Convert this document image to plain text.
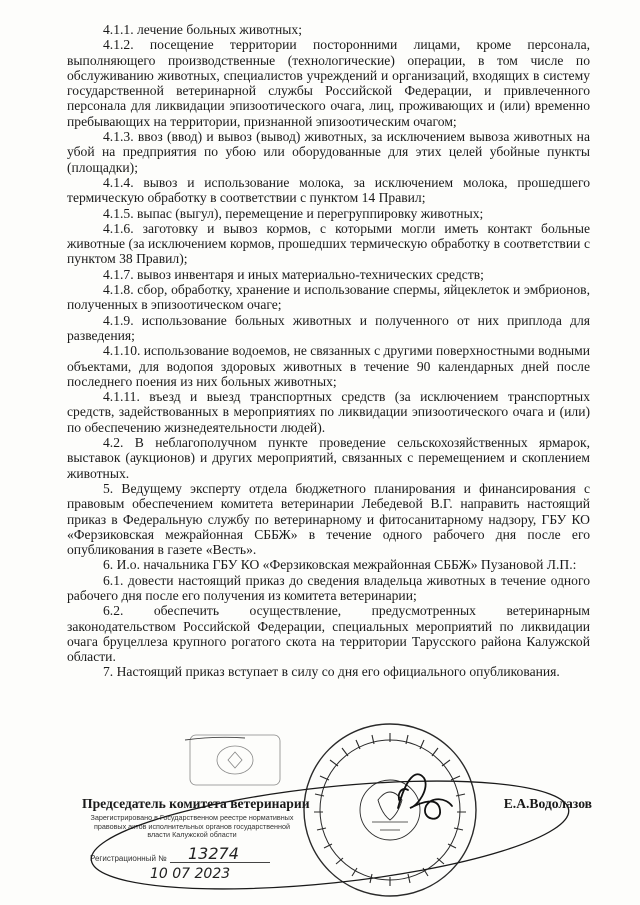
4.1.1. лечение больных животных;

4.1.2. посещение территории посторонними лицами, кроме персонала, выполняющего производственные (технологические) операции, в том числе по обслуживанию животных, специалистов учреждений и организаций, входящих в систему государственной ветеринарной службы Российской Федерации, и привлеченного персонала для ликвидации эпизоотического очага, лиц, проживающих и (или) временно пребывающих на территории, признанной эпизоотическим очагом;

4.1.3. ввоз (ввод) и вывоз (вывод) животных, за исключением вывоза животных на убой на предприятия по убою или оборудованные для этих целей убойные пункты (площадки);

4.1.4. вывоз и использование молока, за исключением молока, прошедшего термическую обработку в соответствии с пунктом 14 Правил;

4.1.5. выпас (выгул), перемещение и перегруппировку животных;

4.1.6. заготовку и вывоз кормов, с которыми могли иметь контакт больные животные (за исключением кормов, прошедших термическую обработку в соответствии с пунктом 38 Правил);

4.1.7. вывоз инвентаря и иных материально-технических средств;

4.1.8. сбор, обработку, хранение и использование спермы, яйцеклеток и эмбрионов, полученных в эпизоотическом очаге;

4.1.9. использование больных животных и полученного от них приплода для разведения;

4.1.10. использование водоемов, не связанных с другими поверхностными водными объектами, для водопоя здоровых животных в течение 90 календарных дней после последнего поения из них больных животных;

4.1.11. въезд и выезд транспортных средств (за исключением транспортных средств, задействованных в мероприятиях по ликвидации эпизоотического очага и (или) по обеспечению жизнедеятельности людей).

4.2. В неблагополучном пункте проведение сельскохозяйственных ярмарок, выставок (аукционов) и других мероприятий, связанных с перемещением и скоплением животных.

5. Ведущему эксперту отдела бюджетного планирования и финансирования с правовым обеспечением комитета ветеринарии Лебедевой В.Г. направить настоящий приказ в Федеральную службу по ветеринарному и фитосанитарному надзору, ГБУ КО «Ферзиковская межрайонная СББЖ» в течение одного рабочего дня после его опубликования в газете «Весть».

6. И.о. начальника ГБУ КО «Ферзиковская межрайонная СББЖ» Пузановой Л.П.:

6.1. довести настоящий приказ до сведения владельца животных в течение одного рабочего дня после его получения из комитета ветеринарии;

6.2. обеспечить осуществление, предусмотренных ветеринарным законодательством Российской Федерации, специальных мероприятий по ликвидации очага бруцеллеза крупного рогатого скота на территории Тарусского района Калужской области.

7. Настоящий приказ вступает в силу со дня его официального опубликования.

Председатель комитета ветеринарии	Е.А.Водолазов
Зарегистрировано в Государственном реестре нормативных правовых актов исполнительных органов государственной власти Калужской области
Регистрационный № 13274
10 07 2023
